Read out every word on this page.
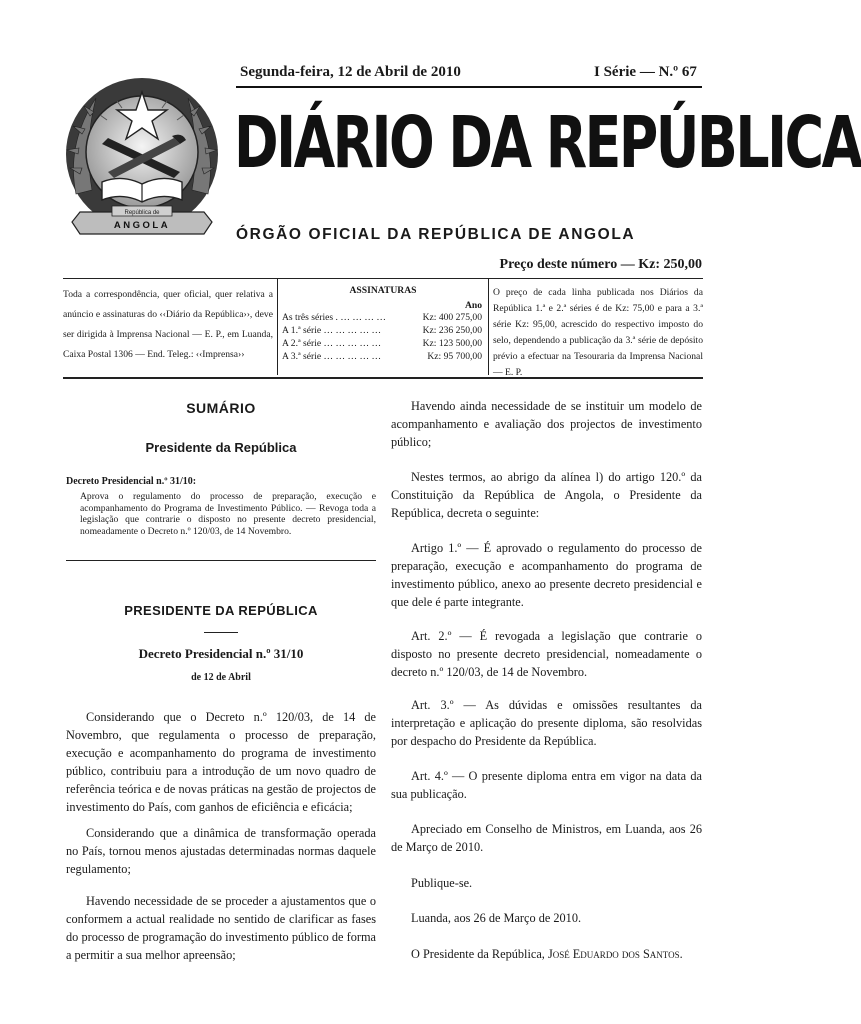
República de
ANGOLA
Segunda-feira, 12 de Abril de 2010	I Série — N.º 67
DIÁRIO DA REPÚBLICA
ÓRGÃO OFICIAL DA REPÚBLICA DE ANGOLA
Preço deste número — Kz: 250,00
Toda a correspondência, quer oficial, quer relativa a anúncio e assinaturas do ‹‹Diário da República››, deve ser dirigida à Imprensa Nacional — E. P., em Luanda, Caixa Postal 1306 — End. Teleg.: ‹‹Imprensa››
ASSINATURAS
Ano
As três séries . … … … …	Kz: 400 275,00
A 1.ª série … … … … …	Kz: 236 250,00
A 2.ª série … … … … …	Kz: 123 500,00
A 3.ª série … … … … …	Kz: 95 700,00
O preço de cada linha publicada nos Diários da República 1.ª e 2.ª séries é de Kz: 75,00 e para a 3.ª série Kz: 95,00, acrescido do respectivo imposto do selo, dependendo a publicação da 3.ª série de depósito prévio a efectuar na Tesouraria da Imprensa Nacional — E. P.
SUMÁRIO
Presidente da República
Decreto Presidencial n.º 31/10:
Aprova o regulamento do processo de preparação, execução e acompanhamento do Programa de Investimento Público. — Revoga toda a legislação que contrarie o disposto no presente decreto presidencial, nomeadamente o Decreto n.º 120/03, de 14 Novembro.
PRESIDENTE DA REPÚBLICA
Decreto Presidencial n.º 31/10
de 12 de Abril

Considerando que o Decreto n.º 120/03, de 14 de Novembro, que regulamenta o processo de preparação, execução e acompanhamento do programa de investimento público, contribuiu para a introdução de um novo quadro de referência teórica e de novas práticas na gestão de projectos de investimento do País, com ganhos de eficiência e eficácia;

Considerando que a dinâmica de transformação operada no País, tornou menos ajustadas determinadas normas daquele regulamento;

Havendo necessidade de se proceder a ajustamentos que o conformem a actual realidade no sentido de clarificar as fases do processo de programação do investimento público de forma a permitir a sua melhor apreensão;

Havendo ainda necessidade de se instituir um modelo de acompanhamento e avaliação dos projectos de investimento público;

Nestes termos, ao abrigo da alínea l) do artigo 120.º da Constituição da República de Angola, o Presidente da República, decreta o seguinte:

Artigo 1.º — É aprovado o regulamento do processo de preparação, execução e acompanhamento do programa de investimento público, anexo ao presente decreto presidencial e que dele é parte integrante.

Art. 2.º — É revogada a legislação que contrarie o disposto no presente decreto presidencial, nomeadamente o decreto n.º 120/03, de 14 de Novembro.

Art. 3.º — As dúvidas e omissões resultantes da interpretação e aplicação do presente diploma, são resolvidas por despacho do Presidente da República.

Art. 4.º — O presente diploma entra em vigor na data da sua publicação.

Apreciado em Conselho de Ministros, em Luanda, aos 26 de Março de 2010.

Publique-se.

Luanda, aos 26 de Março de 2010.

O Presidente da República, José Eduardo dos Santos.
